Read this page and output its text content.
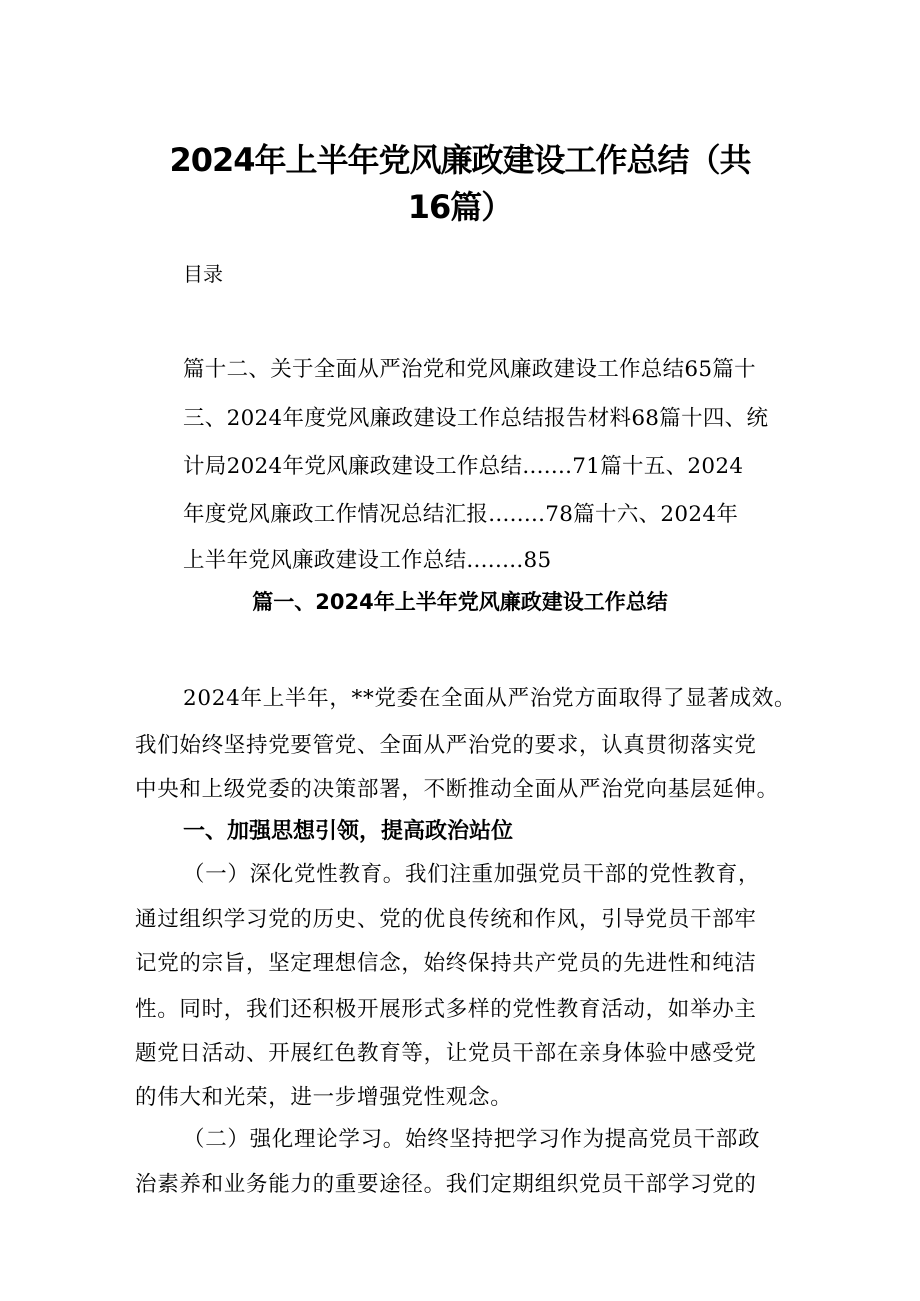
2024年上半年党风廉政建设工作总结（共
16篇）
目录
篇十二、关于全面从严治党和党风廉政建设工作总结65篇十
三、2024年度党风廉政建设工作总结报告材料68篇十四、统
计局2024年党风廉政建设工作总结.......71篇十五、2024
年度党风廉政工作情况总结汇报........78篇十六、2024年
上半年党风廉政建设工作总结........85
篇一、2024年上半年党风廉政建设工作总结
2024年上半年，**党委在全面从严治党方面取得了显著成效。
我们始终坚持党要管党、全面从严治党的要求，认真贯彻落实党
中央和上级党委的决策部署，不断推动全面从严治党向基层延伸。
一、加强思想引领，提高政治站位
（一）深化党性教育。我们注重加强党员干部的党性教育，
通过组织学习党的历史、党的优良传统和作风，引导党员干部牢
记党的宗旨，坚定理想信念，始终保持共产党员的先进性和纯洁
性。同时，我们还积极开展形式多样的党性教育活动，如举办主
题党日活动、开展红色教育等，让党员干部在亲身体验中感受党
的伟大和光荣，进一步增强党性观念。
（二）强化理论学习。始终坚持把学习作为提高党员干部政
治素养和业务能力的重要途径。我们定期组织党员干部学习党的
